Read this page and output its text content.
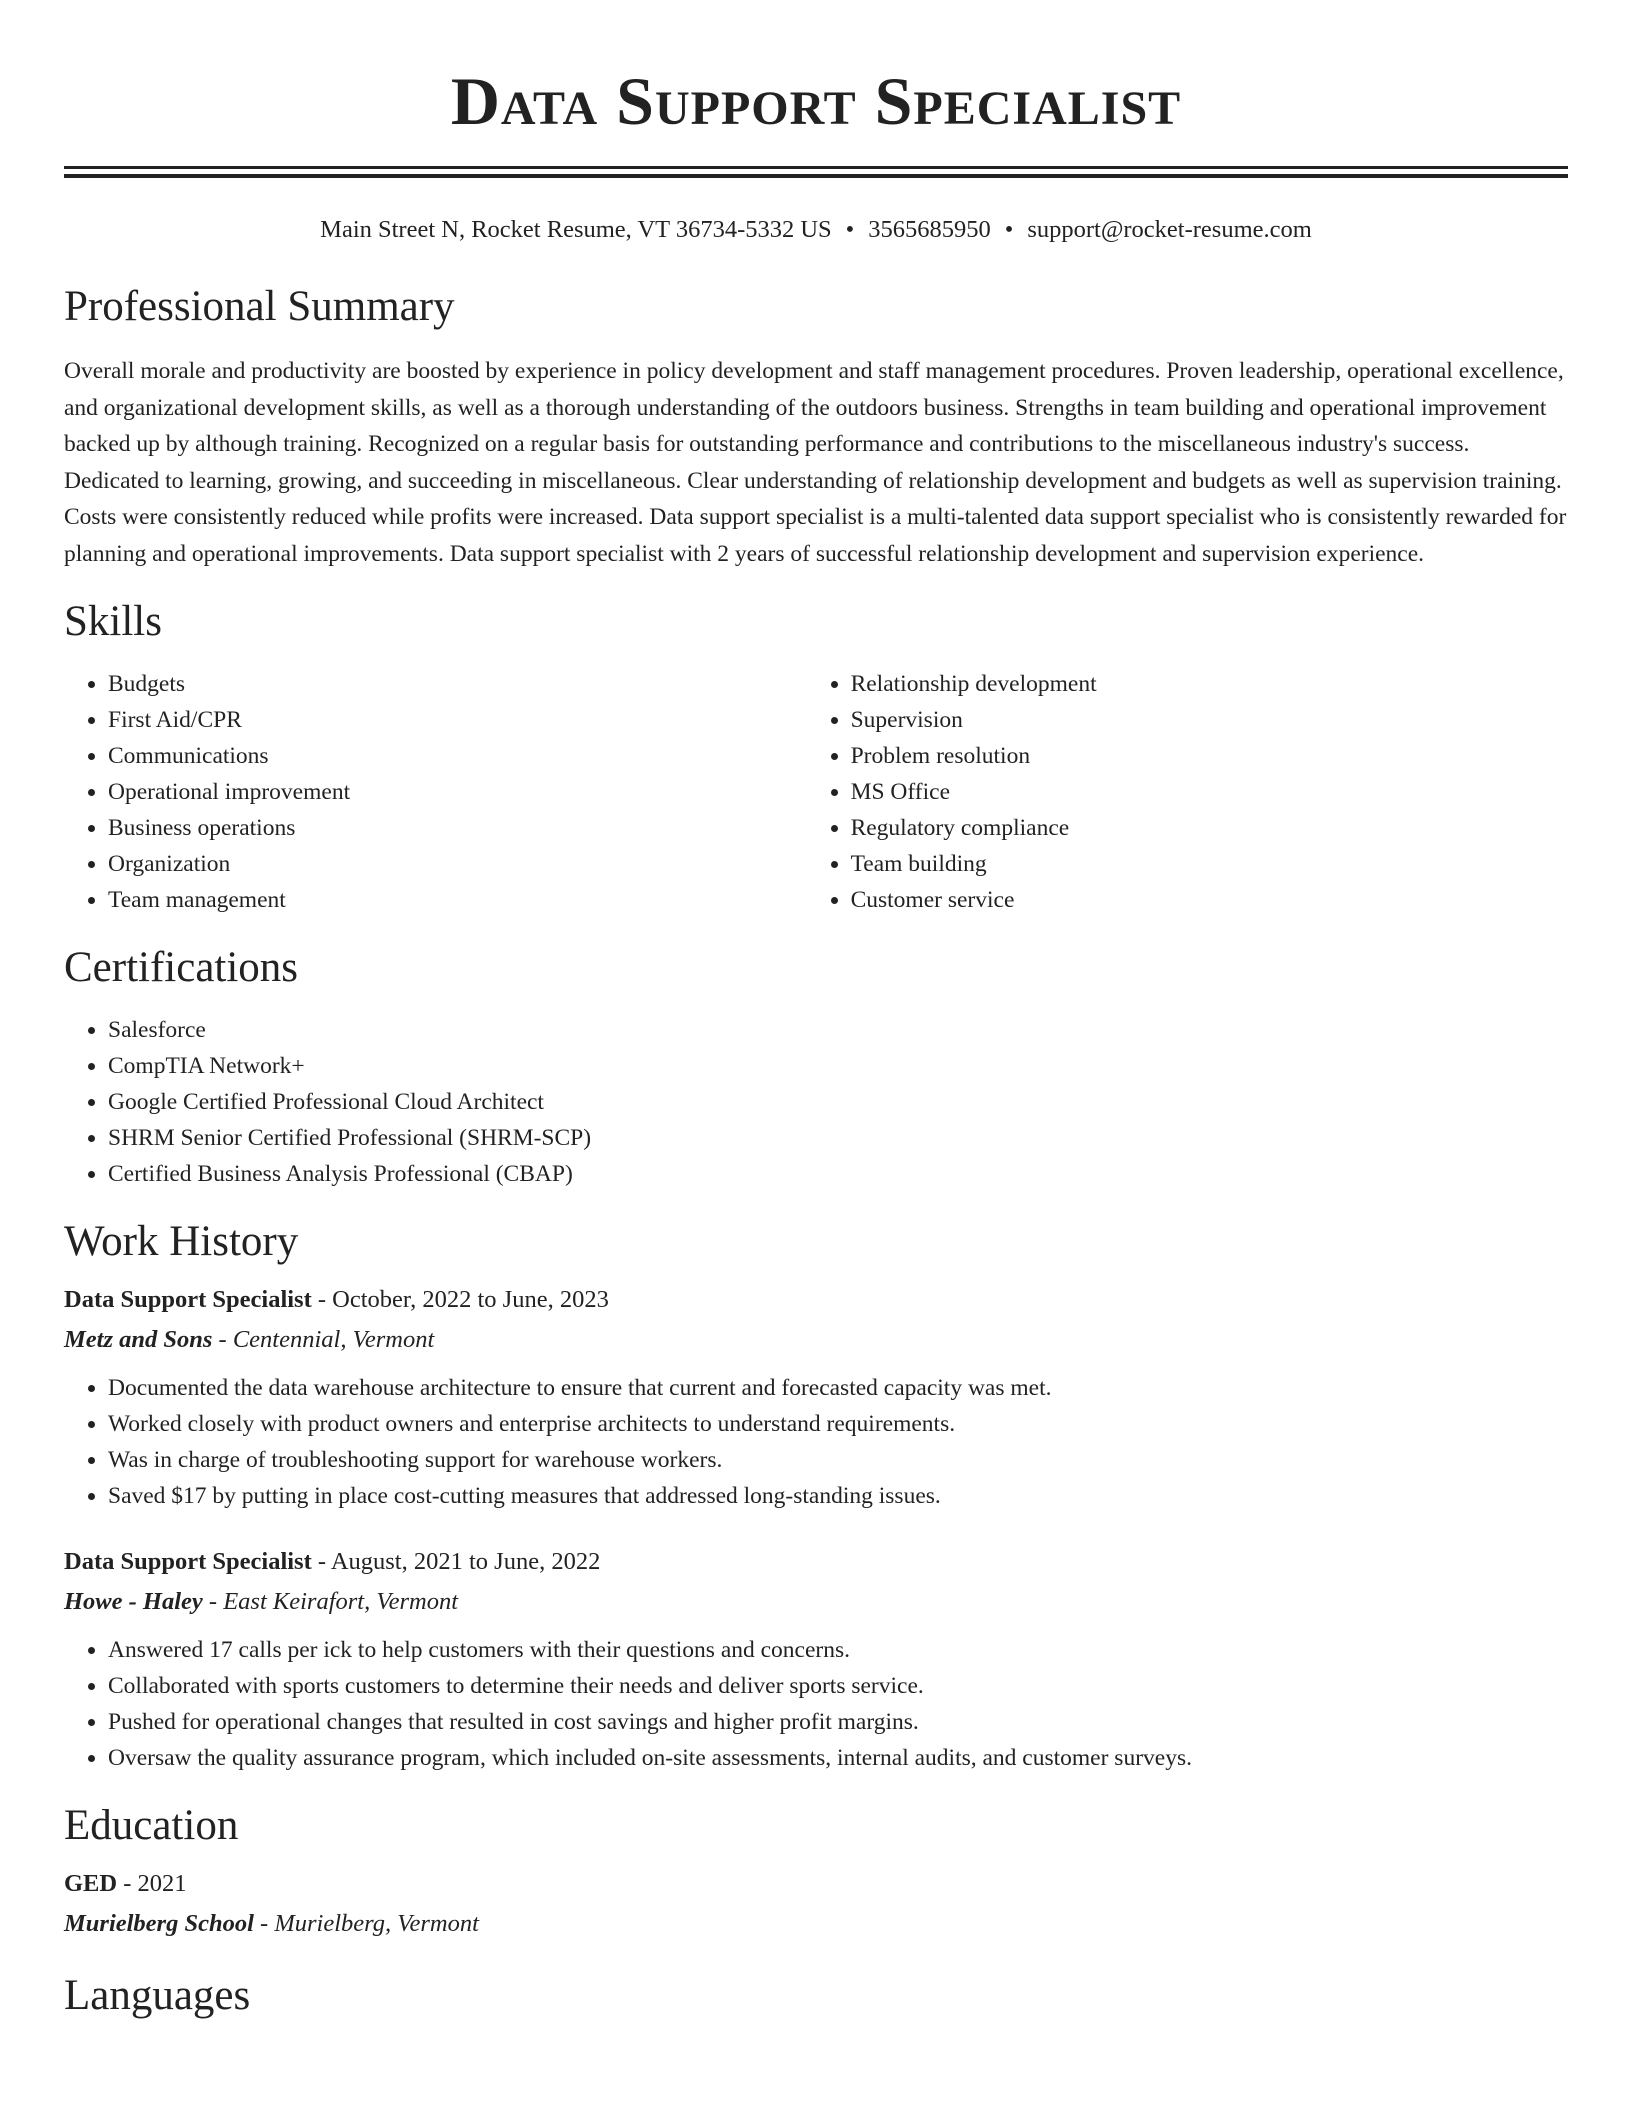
Data Support Specialist
Main Street N, Rocket Resume, VT 36734-5332 US • 3565685950 • support@rocket-resume.com
Professional Summary

Overall morale and productivity are boosted by experience in policy development and staff management procedures. Proven leadership, operational excellence, and organizational development skills, as well as a thorough understanding of the outdoors business. Strengths in team building and operational improvement backed up by although training. Recognized on a regular basis for outstanding performance and contributions to the miscellaneous industry's success. Dedicated to learning, growing, and succeeding in miscellaneous. Clear understanding of relationship development and budgets as well as supervision training. Costs were consistently reduced while profits were increased. Data support specialist is a multi-talented data support specialist who is consistently rewarded for planning and operational improvements. Data support specialist with 2 years of successful relationship development and supervision experience.

Skills
• Budgets
• First Aid/CPR
• Communications
• Operational improvement
• Business operations
• Organization
• Team management
• Relationship development
• Supervision
• Problem resolution
• MS Office
• Regulatory compliance
• Team building
• Customer service
Certifications
• Salesforce
• CompTIA Network+
• Google Certified Professional Cloud Architect
• SHRM Senior Certified Professional (SHRM-SCP)
• Certified Business Analysis Professional (CBAP)
Work History
Data Support Specialist - October, 2022 to June, 2023
Metz and Sons - Centennial, Vermont
• Documented the data warehouse architecture to ensure that current and forecasted capacity was met.
• Worked closely with product owners and enterprise architects to understand requirements.
• Was in charge of troubleshooting support for warehouse workers.
• Saved $17 by putting in place cost-cutting measures that addressed long-standing issues.
Data Support Specialist - August, 2021 to June, 2022
Howe - Haley - East Keirafort, Vermont
• Answered 17 calls per ick to help customers with their questions and concerns.
• Collaborated with sports customers to determine their needs and deliver sports service.
• Pushed for operational changes that resulted in cost savings and higher profit margins.
• Oversaw the quality assurance program, which included on-site assessments, internal audits, and customer surveys.
Education
GED - 2021
Murielberg School - Murielberg, Vermont
Languages
